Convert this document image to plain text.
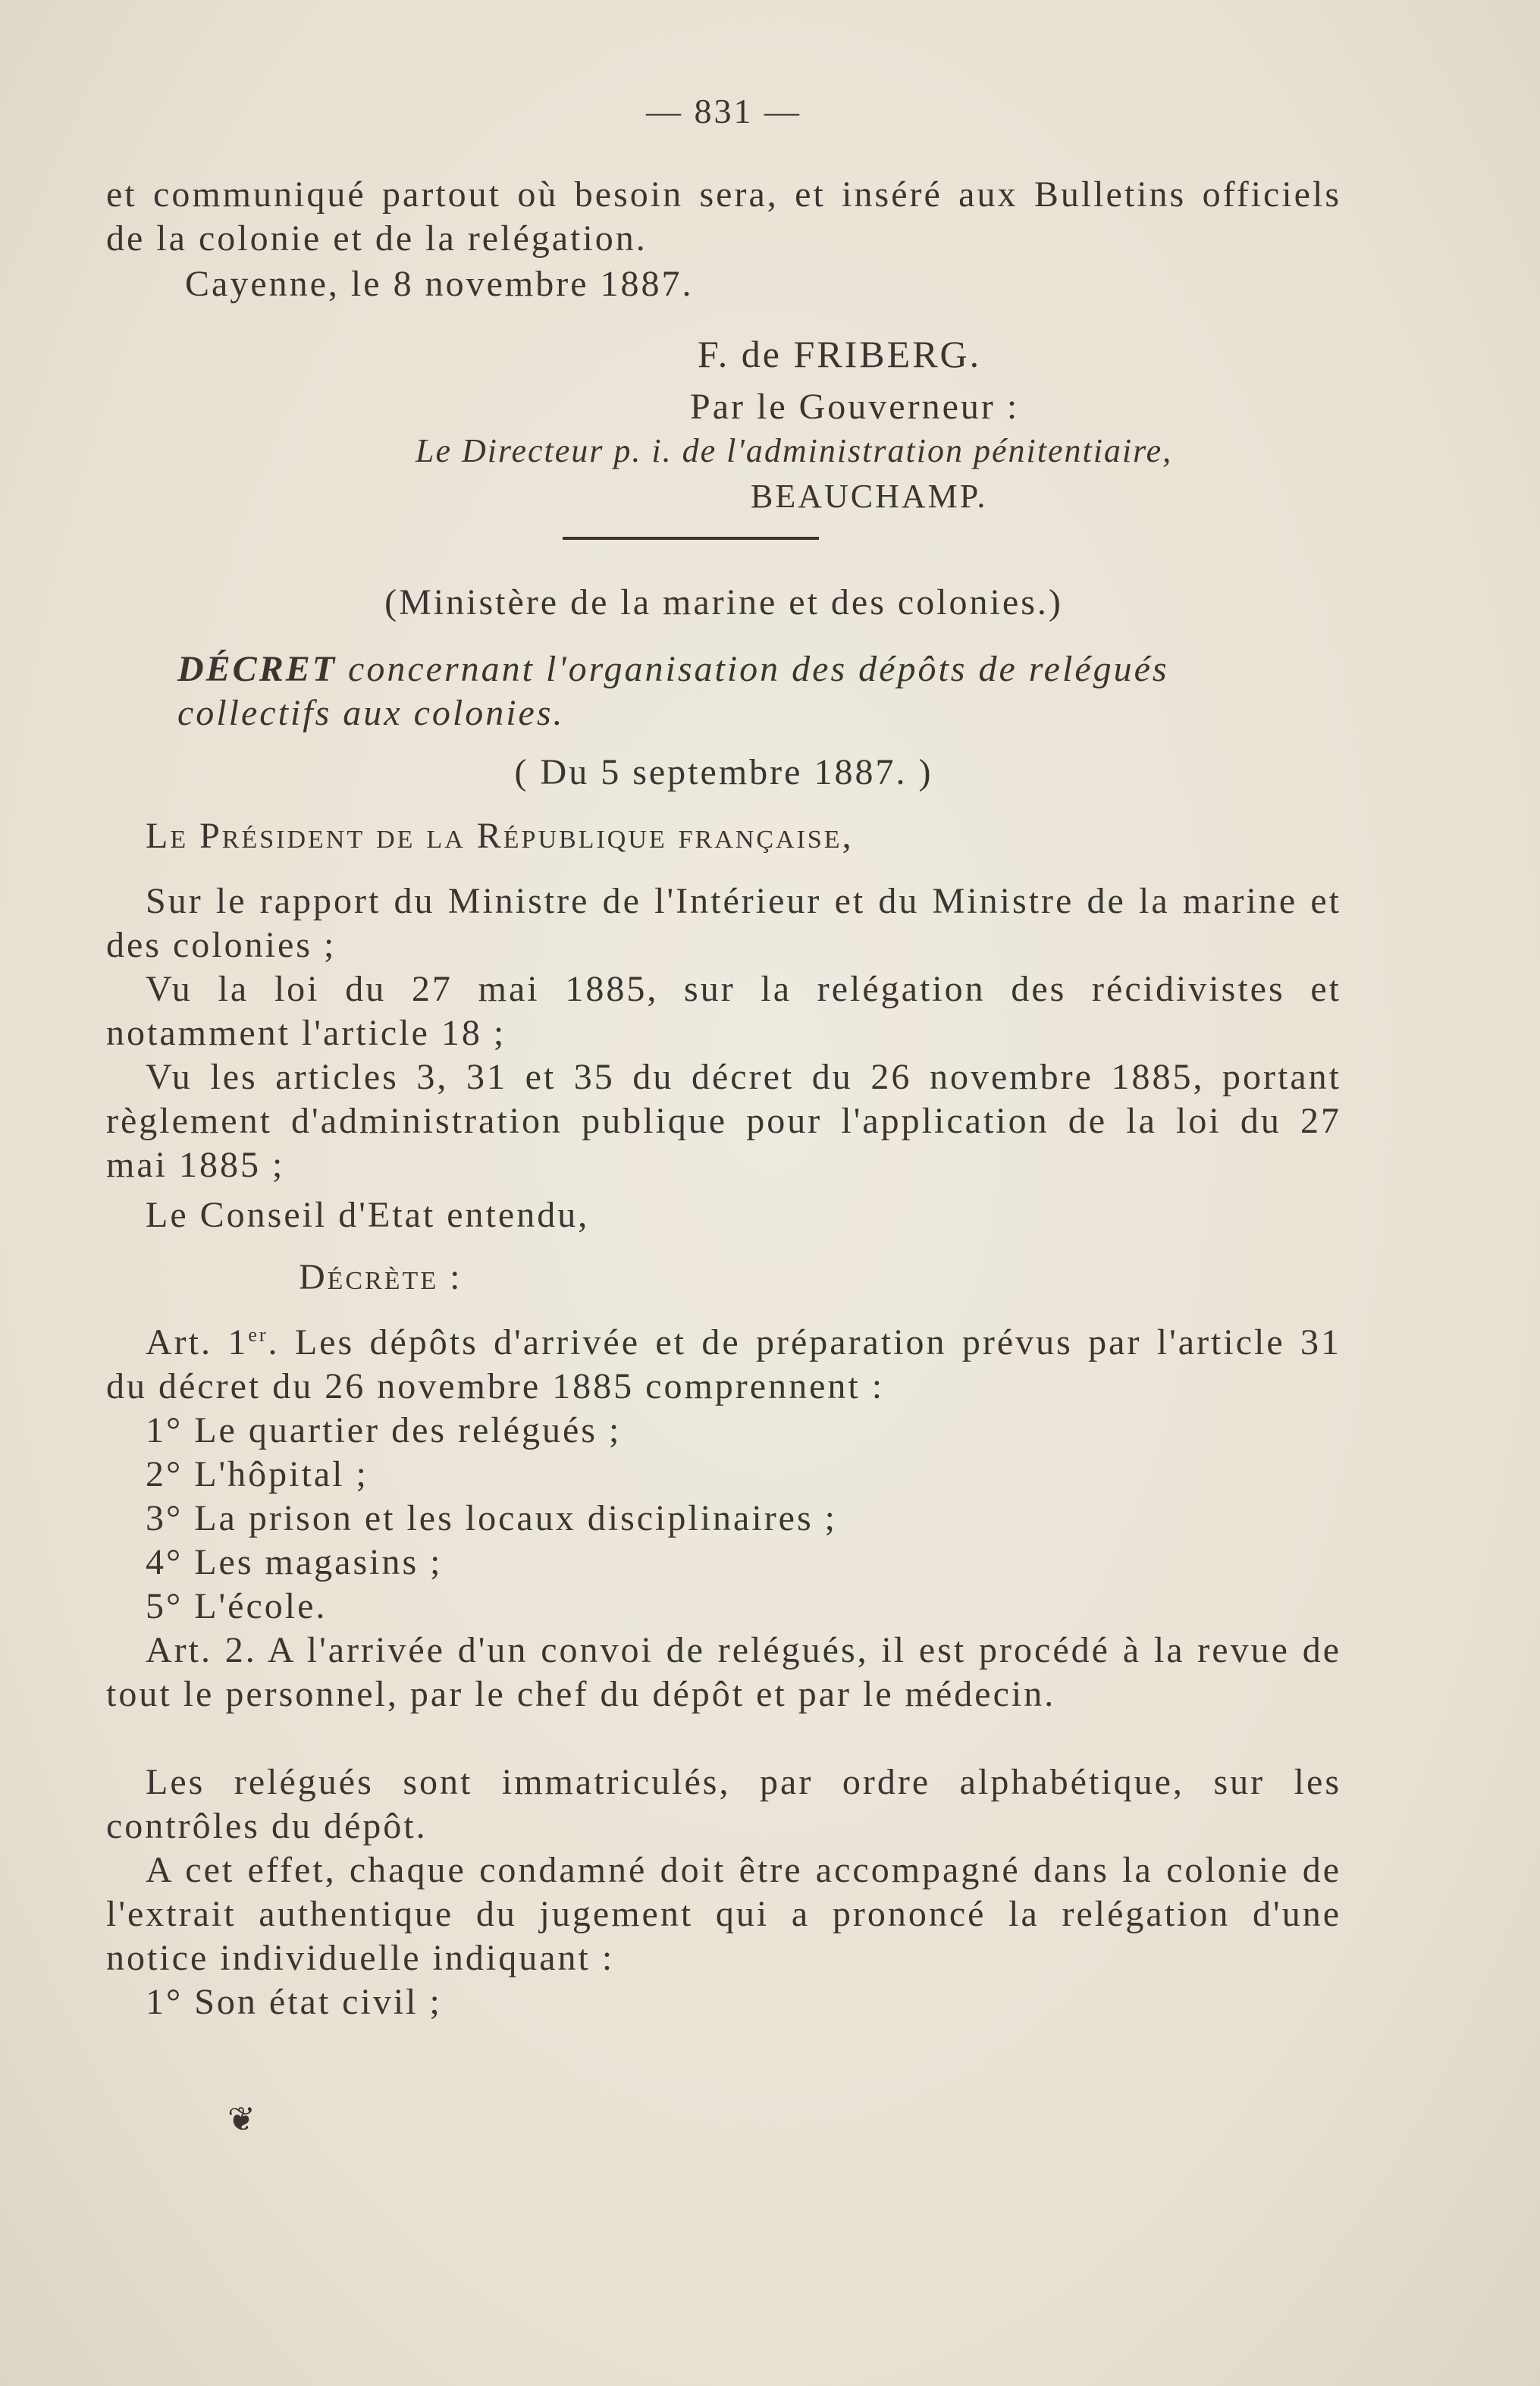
— 831 —
et communiqué partout où besoin sera, et inséré aux Bulletins officiels de la colonie et de la relégation.
Cayenne, le 8 novembre 1887.
F. de FRIBERG.
Par le Gouverneur :
Le Directeur p. i. de l'administration pénitentiaire,
BEAUCHAMP.
(Ministère de la marine et des colonies.)
DÉCRET concernant l'organisation des dépôts de relégués collectifs aux colonies.
( Du 5 septembre 1887. )
Le Président de la République française,
Sur le rapport du Ministre de l'Intérieur et du Ministre de la marine et des colonies ;
Vu la loi du 27 mai 1885, sur la relégation des récidivistes et notamment l'article 18 ;
Vu les articles 3, 31 et 35 du décret du 26 novembre 1885, portant règlement d'administration publique pour l'application de la loi du 27 mai 1885 ;
Le Conseil d'Etat entendu,
Décrète :
Art. 1er. Les dépôts d'arrivée et de préparation prévus par l'article 31 du décret du 26 novembre 1885 comprennent :
1° Le quartier des relégués ;
2° L'hôpital ;
3° La prison et les locaux disciplinaires ;
4° Les magasins ;
5° L'école.
Art. 2. A l'arrivée d'un convoi de relégués, il est procédé à la revue de tout le personnel, par le chef du dépôt et par le médecin.
Les relégués sont immatriculés, par ordre alphabétique, sur les contrôles du dépôt.
A cet effet, chaque condamné doit être accompagné dans la colonie de l'extrait authentique du jugement qui a prononcé la relégation d'une notice individuelle indiquant :
1° Son état civil ;
❦
